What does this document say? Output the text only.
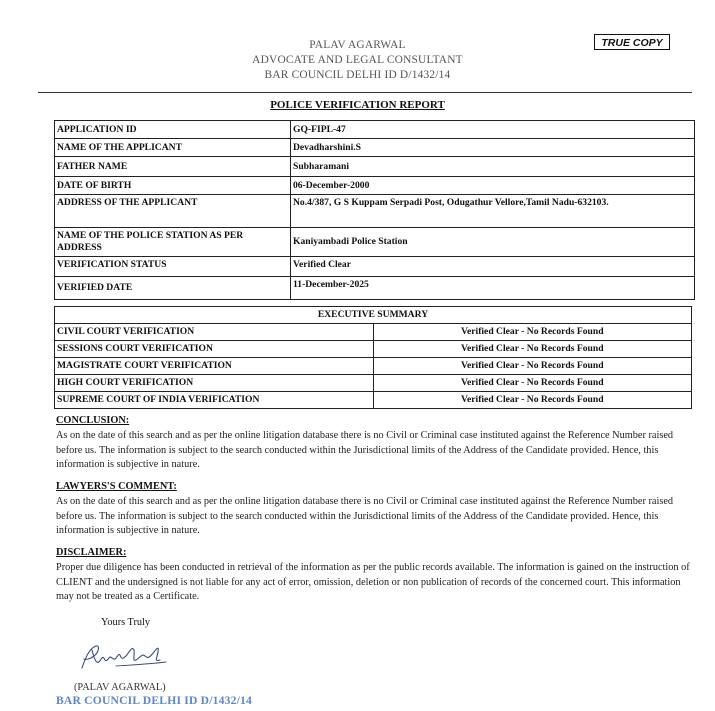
PALAV AGARWAL
ADVOCATE AND LEGAL CONSULTANT
BAR COUNCIL DELHI ID D/1432/14
TRUE COPY
POLICE VERIFICATION REPORT
APPLICATION ID	GQ-FIPL-47
NAME OF THE APPLICANT	Devadharshini.S
FATHER NAME	Subharamani
DATE OF BIRTH	06-December-2000
ADDRESS OF THE APPLICANT	No.4/387, G S Kuppam Serpadi Post, Odugathur Vellore,Tamil Nadu-632103.
NAME OF THE POLICE STATION AS PER ADDRESS	Kaniyambadi Police Station
VERIFICATION STATUS	Verified Clear
VERIFIED DATE	11-December-2025
EXECUTIVE SUMMARY	
CIVIL COURT VERIFICATION	Verified Clear - No Records Found
SESSIONS COURT VERIFICATION	Verified Clear - No Records Found
MAGISTRATE COURT VERIFICATION	Verified Clear - No Records Found
HIGH COURT VERIFICATION	Verified Clear - No Records Found
SUPREME COURT OF INDIA VERIFICATION	Verified Clear - No Records Found
CONCLUSION:

As on the date of this search and as per the online litigation database there is no Civil or Criminal case instituted against the Reference Number raised before us. The information is subject to the search conducted within the Jurisdictional limits of the Address of the Candidate provided. Hence, this information is subjective in nature.

LAWYERS'S COMMENT:

As on the date of this search and as per the online litigation database there is no Civil or Criminal case instituted against the Reference Number raised before us. The information is subject to the search conducted within the Jurisdictional limits of the Address of the Candidate provided. Hence, this information is subjective in nature.

DISCLAIMER:

Proper due diligence has been conducted in retrieval of the information as per the public records available. The information is gained on the instruction of CLIENT and the undersigned is not liable for any act of error, omission, deletion or non publication of records of the concerned court. This information may not be treated as a Certificate.

Yours Truly
(PALAV AGARWAL)
BAR COUNCIL DELHI ID D/1432/14
